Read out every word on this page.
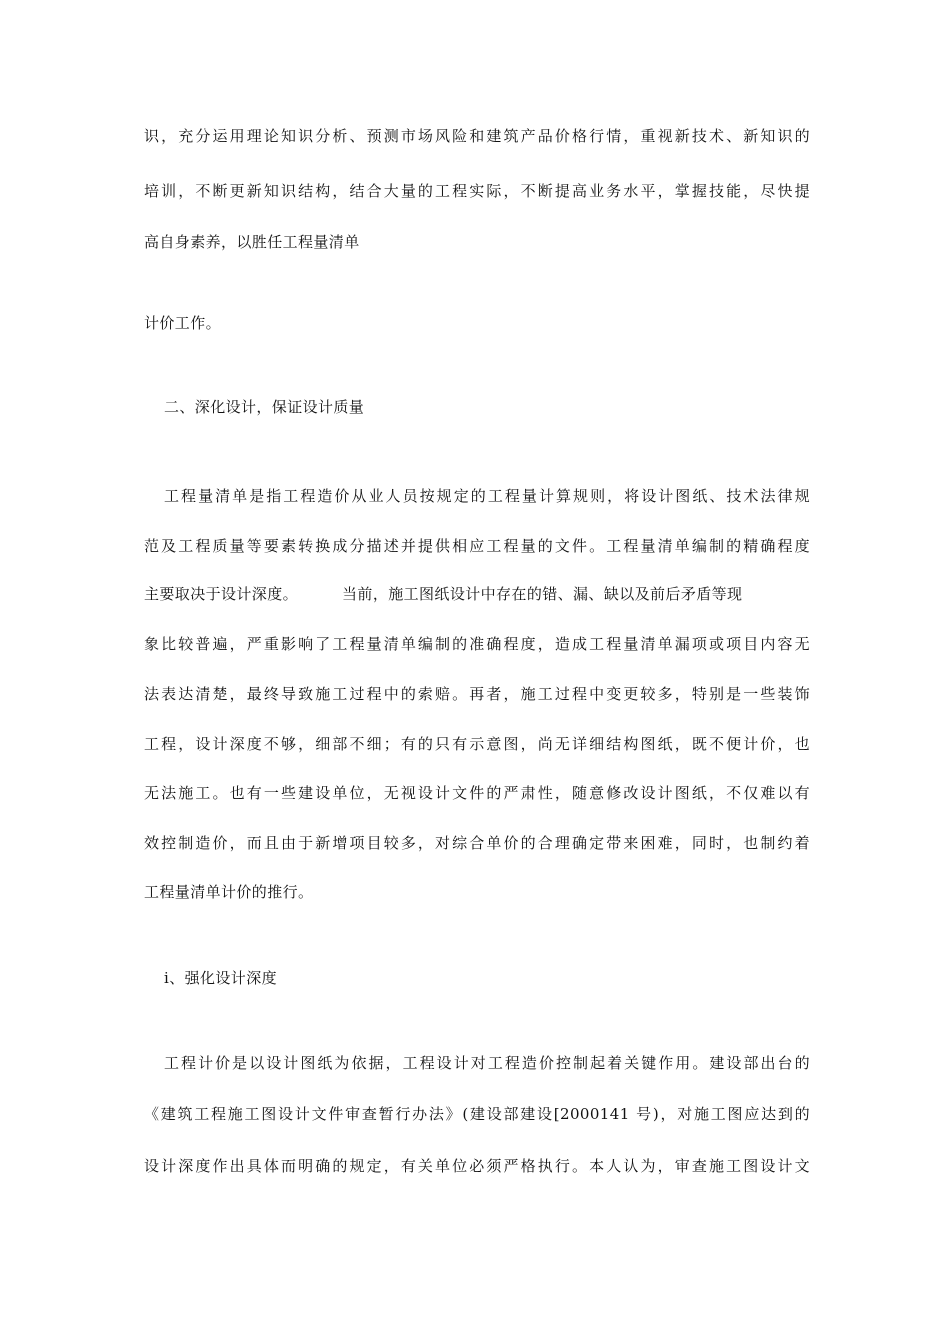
识，充分运用理论知识分析、预测市场风险和建筑产品价格行情，重视新技术、新知识的

培训，不断更新知识结构，结合大量的工程实际，不断提高业务水平，掌握技能，尽快提

高自身素养，以胜任工程量清单

计价工作。

二、深化设计，保证设计质量

工程量清单是指工程造价从业人员按规定的工程量计算规则，将设计图纸、技术法律规

范及工程质量等要素转换成分描述并提供相应工程量的文件。工程量清单编制的精确程度

主要取决于设计深度。	当前，施工图纸设计中存在的错、漏、缺以及前后矛盾等现

象比较普遍，严重影响了工程量清单编制的准确程度，造成工程量清单漏项或项目内容无

法表达清楚，最终导致施工过程中的索赔。再者，施工过程中变更较多，特别是一些装饰

工程，设计深度不够，细部不细；有的只有示意图，尚无详细结构图纸，既不便计价，也

无法施工。也有一些建设单位，无视设计文件的严肃性，随意修改设计图纸，不仅难以有

效控制造价，而且由于新增项目较多，对综合单价的合理确定带来困难，同时，也制约着

工程量清单计价的推行。

i、强化设计深度

工程计价是以设计图纸为依据，工程设计对工程造价控制起着关键作用。建设部出台的

《建筑工程施工图设计文件审查暂行办法》(建设部建设[2000141 号)，对施工图应达到的

设计深度作出具体而明确的规定，有关单位必须严格执行。本人认为，审查施工图设计文
